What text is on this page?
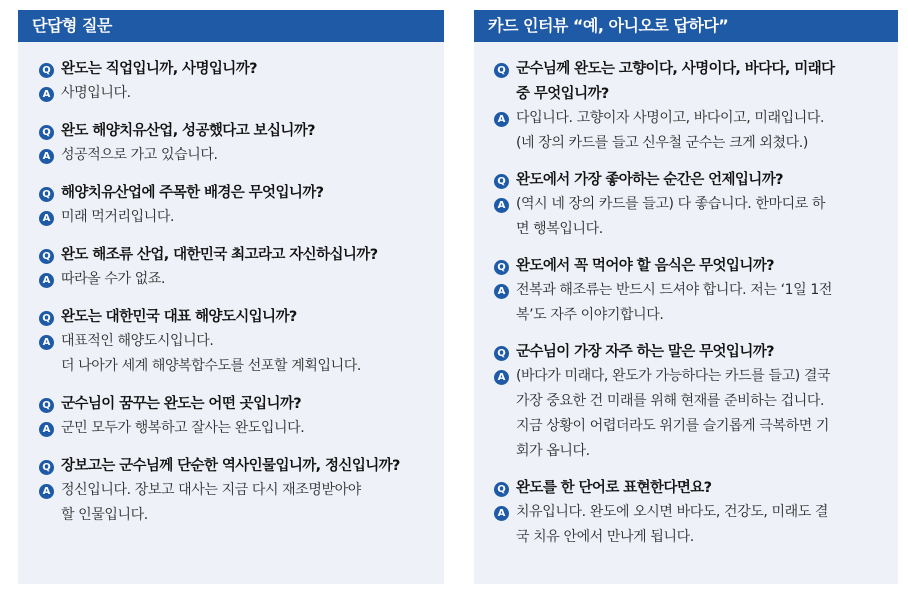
단답형 질문
Q 완도는 직업입니까, 사명입니까?
A 사명입니다.
Q 완도 해양치유산업, 성공했다고 보십니까?
A 성공적으로 가고 있습니다.
Q 해양치유산업에 주목한 배경은 무엇입니까?
A 미래 먹거리입니다.
Q 완도 해조류 산업, 대한민국 최고라고 자신하십니까?
A 따라올 수가 없죠.
Q 완도는 대한민국 대표 해양도시입니까?
A 대표적인 해양도시입니다.
더 나아가 세계 해양복합수도를 선포할 계획입니다.
Q 군수님이 꿈꾸는 완도는 어떤 곳입니까?
A 군민 모두가 행복하고 잘사는 완도입니다.
Q 장보고는 군수님께 단순한 역사인물입니까, 정신입니까?
A 정신입니다. 장보고 대사는 지금 다시 재조명받아야
할 인물입니다.
카드 인터뷰 “예, 아니오로 답하다”
Q 군수님께 완도는 고향이다, 사명이다, 바다다, 미래다
중 무엇입니까?
A 다입니다. 고향이자 사명이고, 바다이고, 미래입니다.
(네 장의 카드를 들고 신우철 군수는 크게 외쳤다.)
Q 완도에서 가장 좋아하는 순간은 언제입니까?
A (역시 네 장의 카드를 들고) 다 좋습니다. 한마디로 하
면 행복입니다.
Q 완도에서 꼭 먹어야 할 음식은 무엇입니까?
A 전복과 해조류는 반드시 드셔야 합니다. 저는 ‘1일 1전
복’도 자주 이야기합니다.
Q 군수님이 가장 자주 하는 말은 무엇입니까?
A (바다가 미래다, 완도가 가능하다는 카드를 들고) 결국
가장 중요한 건 미래를 위해 현재를 준비하는 겁니다.
지금 상황이 어렵더라도 위기를 슬기롭게 극복하면 기
회가 옵니다.
Q 완도를 한 단어로 표현한다면요?
A 치유입니다. 완도에 오시면 바다도, 건강도, 미래도 결
국 치유 안에서 만나게 됩니다.
